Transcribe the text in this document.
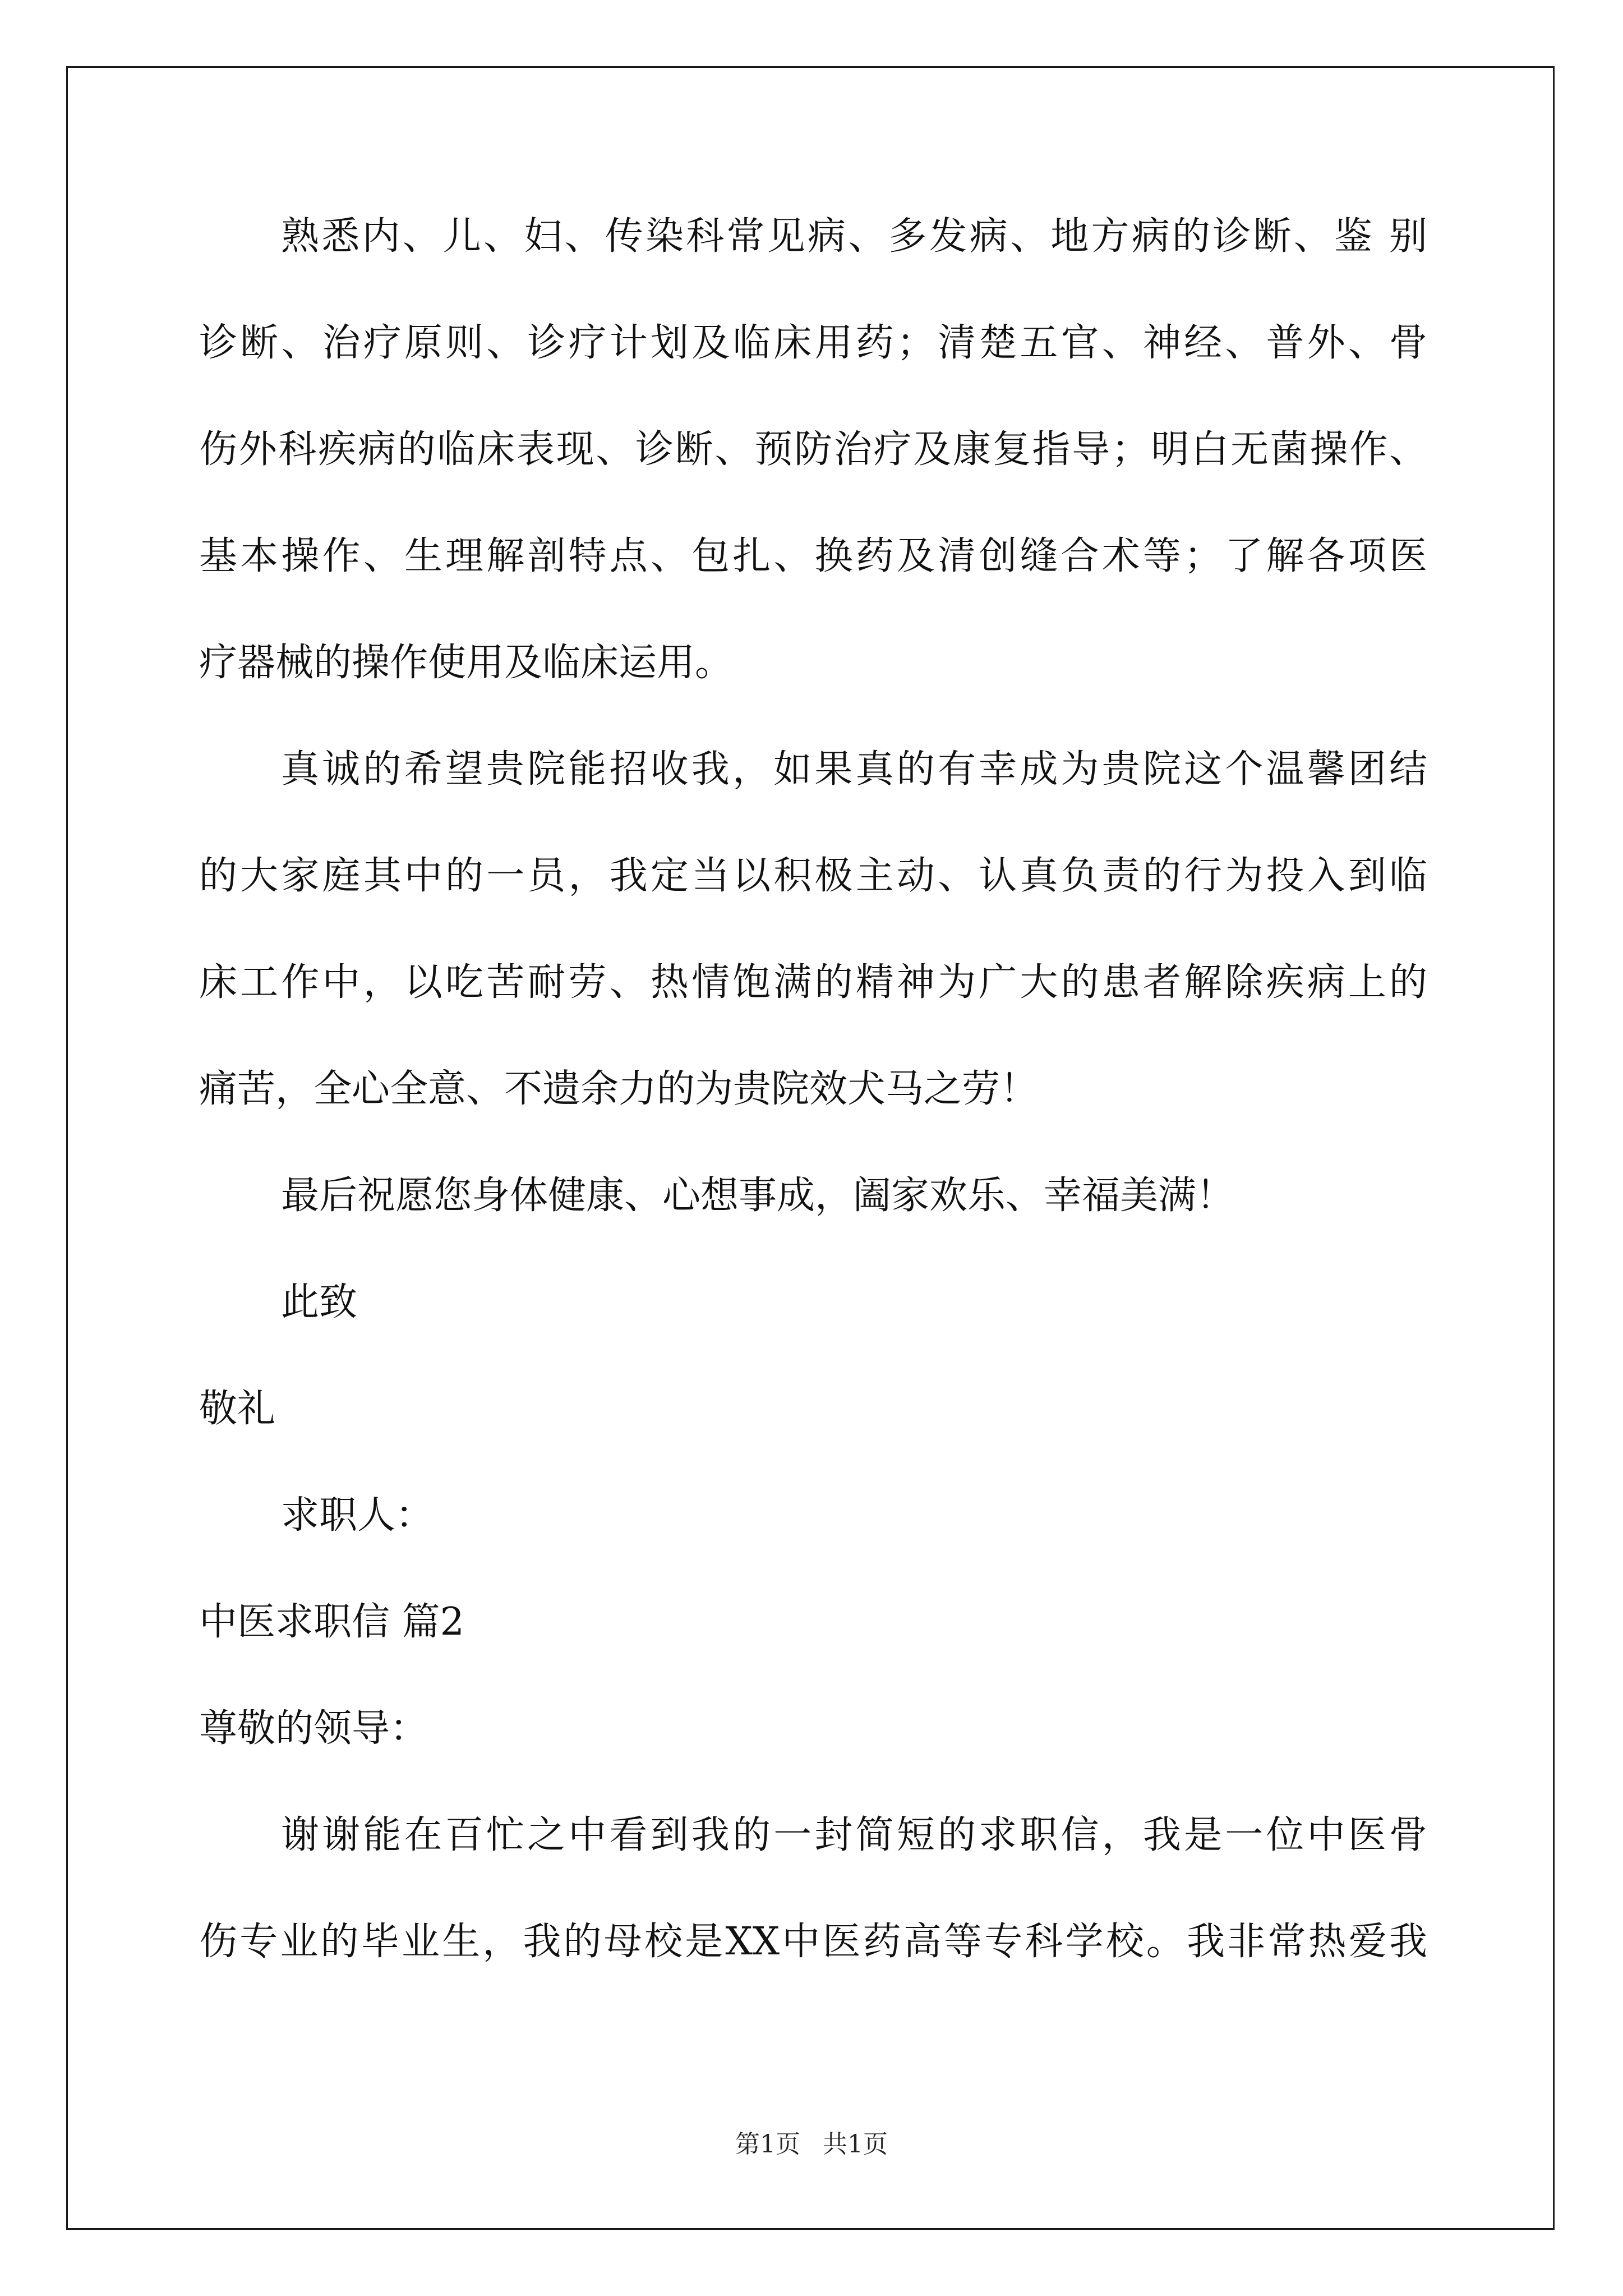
熟悉内、儿、妇、传染科常见病、多发病、地方病的诊断、鉴 别
诊断、治疗原则、诊疗计划及临床用药；清楚五官、神经、普外、骨
伤外科疾病的临床表现、诊断、预防治疗及康复指导；明白无菌操作、
基本操作、生理解剖特点、包扎、换药及清创缝合术等；了解各项医
疗器械的操作使用及临床运用。
真诚的希望贵院能招收我，如果真的有幸成为贵院这个温馨团结
的大家庭其中的一员，我定当以积极主动、认真负责的行为投入到临
床工作中，以吃苦耐劳、热情饱满的精神为广大的患者解除疾病上的
痛苦，全心全意、不遗余力的为贵院效犬马之劳！
最后祝愿您身体健康、心想事成，阖家欢乐、幸福美满！
此致
敬礼
求职人：
中医求职信 篇2
尊敬的领导：
谢谢能在百忙之中看到我的一封简短的求职信，我是一位中医骨
伤专业的毕业生，我的母校是XX中医药高等专科学校。我非常热爱我
第1页 共1页
